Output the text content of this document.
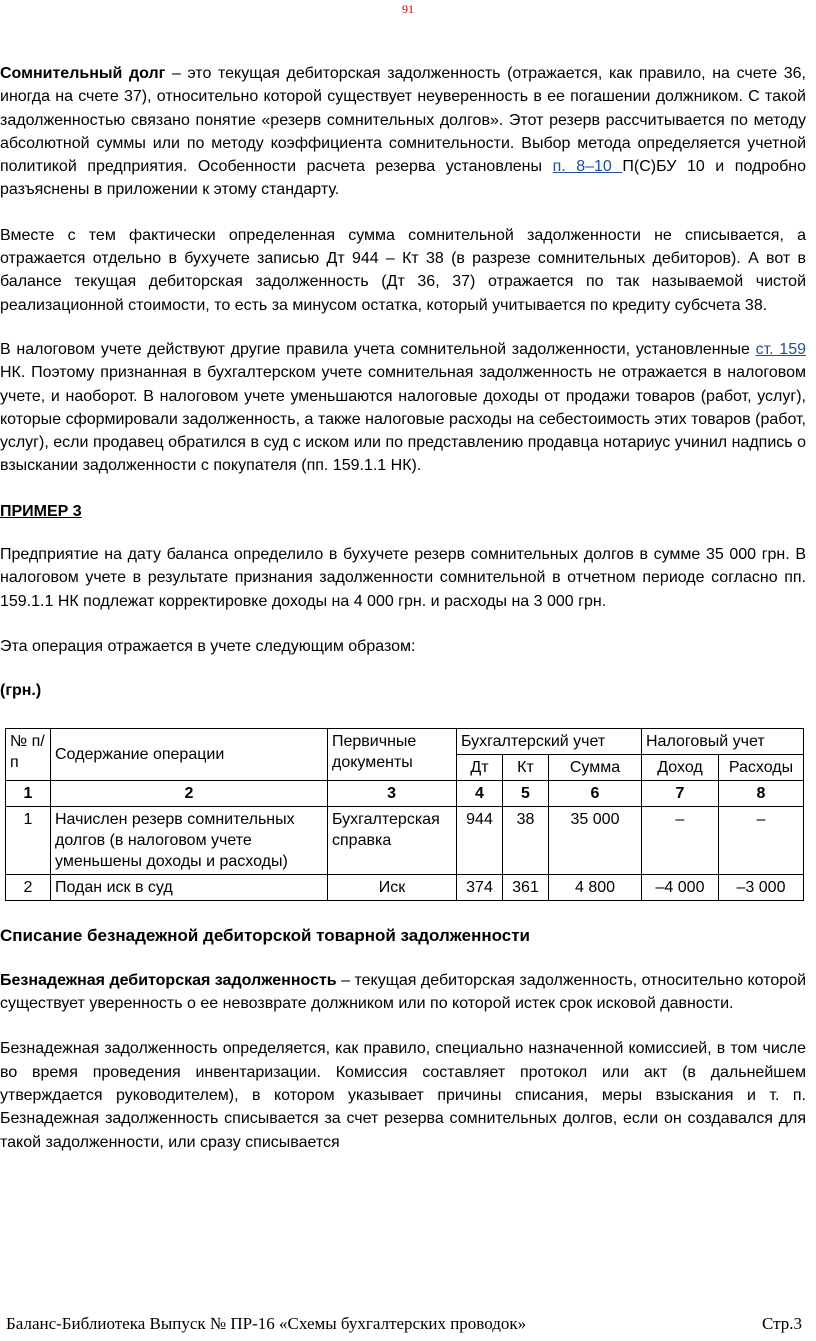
91

Сомнительный долг – это текущая дебиторская задолженность (отражается, как правило, на счете 36, иногда на счете 37), относительно которой существует неуверенность в ее погашении должником. С такой задолженностью связано понятие «резерв сомнительных долгов». Этот резерв рассчитывается по методу абсолютной суммы или по методу коэффициента сомнительности. Выбор метода определяется учетной политикой предприятия. Особенности расчета резерва установлены п. 8–10 П(С)БУ 10 и подробно разъяснены в приложении к этому стандарту.

Вместе с тем фактически определенная сумма сомнительной задолженности не списывается, а отражается отдельно в бухучете записью Дт 944 – Кт 38 (в разрезе сомнительных дебиторов). А вот в балансе текущая дебиторская задолженность (Дт 36, 37) отражается по так называемой чистой реализационной стоимости, то есть за минусом остатка, который учитывается по кредиту субсчета 38.

В налоговом учете действуют другие правила учета сомнительной задолженности, установленные ст. 159 НК. Поэтому признанная в бухгалтерском учете сомнительная задолженность не отражается в налоговом учете, и наоборот. В налоговом учете уменьшаются налоговые доходы от продажи товаров (работ, услуг), которые сформировали задолженность, а также налоговые расходы на себестоимость этих товаров (работ, услуг), если продавец обратился в суд с иском или по представлению продавца нотариус учинил надпись о взыскании задолженности с покупателя (пп. 159.1.1 НК).

ПРИМЕР 3

Предприятие на дату баланса определило в бухучете резерв сомнительных долгов в сумме 35 000 грн. В налоговом учете в результате признания задолженности сомнительной в отчетном периоде согласно пп. 159.1.1 НК подлежат корректировке доходы на 4 000 грн. и расходы на 3 000 грн.

Эта операция отражается в учете следующим образом:

(грн.)

№ п/п	Содержание операции	Первичные документы	Бухгалтерский учет			Налоговый учет	
			Дт	Кт	Сумма	Доход	Расходы
1	2	3	4	5	6	7	8
1	Начислен резерв сомнительных долгов (в налоговом учете уменьшены доходы и расходы)	Бухгалтерская справка	944	38	35 000	–	–
2	Подан иск в суд	Иск	374	361	4 800	–4 000	–3 000

Списание безнадежной дебиторской товарной задолженности

Безнадежная дебиторская задолженность – текущая дебиторская задолженность, относительно которой существует уверенность о ее невозврате должником или по которой истек срок исковой давности.

Безнадежная задолженность определяется, как правило, специально назначенной комиссией, в том числе во время проведения инвентаризации. Комиссия составляет протокол или акт (в дальнейшем утверждается руководителем), в котором указывает причины списания, меры взыскания и т. п. Безнадежная задолженность списывается за счет резерва сомнительных долгов, если он создавался для такой задолженности, или сразу списывается

Баланс-Библиотека Выпуск № ПР-16 «Схемы бухгалтерских проводок»	Стр.3
